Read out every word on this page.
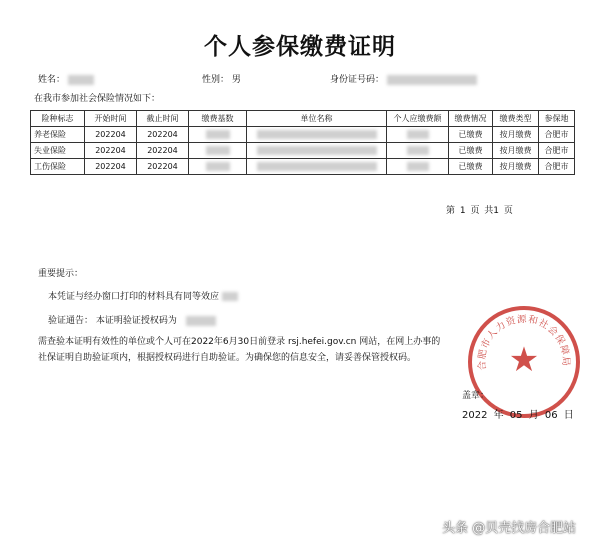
个人参保缴费证明
姓名：	性别： 男	身份证号码：
在我市参加社会保险情况如下：
险种标志	开始时间	截止时间	缴费基数	单位名称	个人应缴费额	缴费情况	缴费类型	参保地
养老保险	202204	202204				已缴费	按月缴费	合肥市
失业保险	202204	202204				已缴费	按月缴费	合肥市
工伤保险	202204	202204				已缴费	按月缴费	合肥市
第 1 页 共1 页
重要提示：
本凭证与经办窗口打印的材料具有同等效应
验证通告： 本证明验证授权码为
需查验本证明有效性的单位或个人可在2022年6月30日前登录 rsj.hefei.gov.cn 网站，在网上办事的
社保证明自助验证项内，根据授权码进行自助验证。为确保您的信息安全，请妥善保管授权码。
合肥市人力资源和社会保障局
★
盖章：
2022 年 05 月 06 日
头条 @贝壳找房合肥站
